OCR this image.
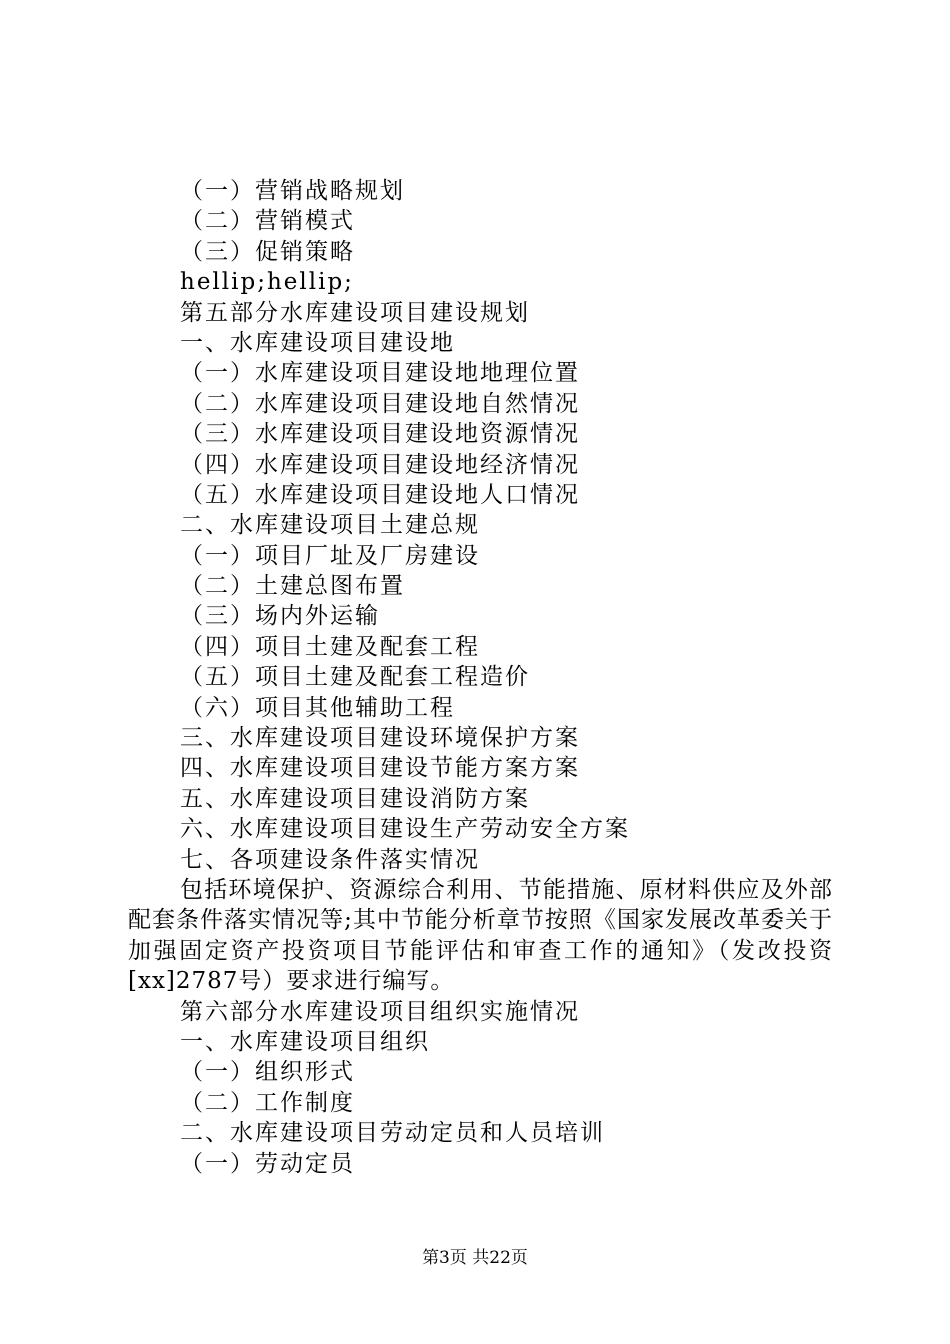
（一）营销战略规划
（二）营销模式
（三）促销策略
hellip;hellip;
第五部分水库建设项目建设规划
一、水库建设项目建设地
（一）水库建设项目建设地地理位置
（二）水库建设项目建设地自然情况
（三）水库建设项目建设地资源情况
（四）水库建设项目建设地经济情况
（五）水库建设项目建设地人口情况
二、水库建设项目土建总规
（一）项目厂址及厂房建设
（二）土建总图布置
（三）场内外运输
（四）项目土建及配套工程
（五）项目土建及配套工程造价
（六）项目其他辅助工程
三、水库建设项目建设环境保护方案
四、水库建设项目建设节能方案方案
五、水库建设项目建设消防方案
六、水库建设项目建设生产劳动安全方案
七、各项建设条件落实情况
包括环境保护、资源综合利用、节能措施、原材料供应及外部配套条件落实情况等;其中节能分析章节按照《国家发展改革委关于加强固定资产投资项目节能评估和审查工作的通知》（发改投资[xx]2787号）要求进行编写。
第六部分水库建设项目组织实施情况
一、水库建设项目组织
（一）组织形式
（二）工作制度
二、水库建设项目劳动定员和人员培训
（一）劳动定员
第3页 共22页
